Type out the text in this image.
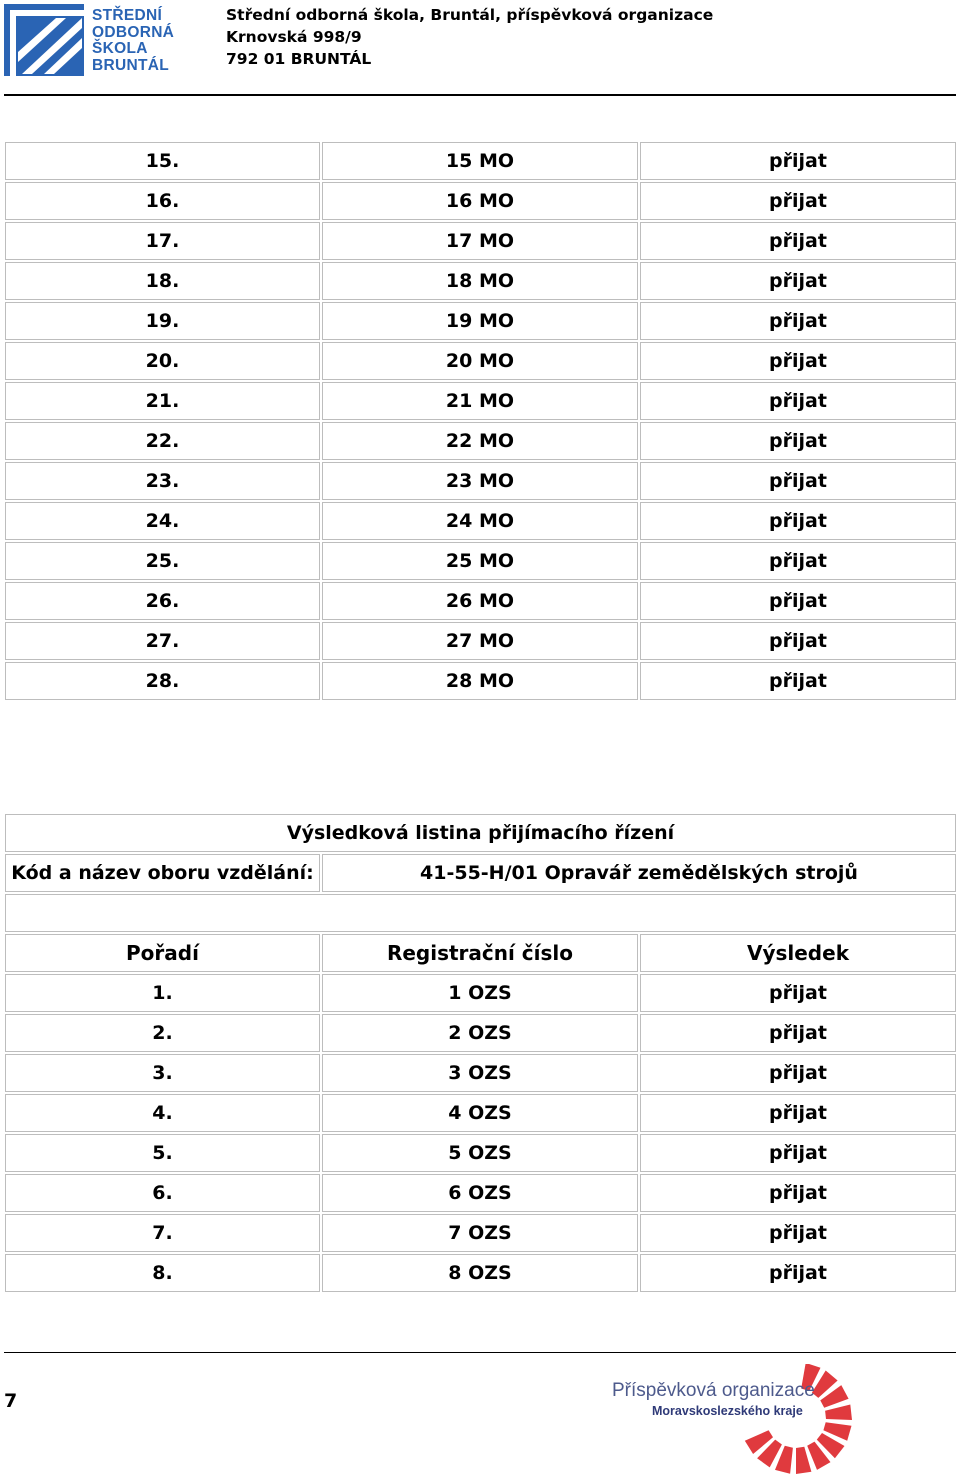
STŘEDNÍ
ODBORNÁ
ŠKOLA
BRUNTÁL
Střední odborná škola, Bruntál, příspěvková organizace
Krnovská 998/9
792 01 BRUNTÁL
15.	15 MO	přijat
16.	16 MO	přijat
17.	17 MO	přijat
18.	18 MO	přijat
19.	19 MO	přijat
20.	20 MO	přijat
21.	21 MO	přijat
22.	22 MO	přijat
23.	23 MO	přijat
24.	24 MO	přijat
25.	25 MO	přijat
26.	26 MO	přijat
27.	27 MO	přijat
28.	28 MO	přijat
Výsledková listina přijímacího řízení		
Kód a název oboru vzdělání:	41-55-H/01 Opravář zemědělských strojů	

Pořadí	Registrační číslo	Výsledek
1.	1 OZS	přijat
2.	2 OZS	přijat
3.	3 OZS	přijat
4.	4 OZS	přijat
5.	5 OZS	přijat
6.	6 OZS	přijat
7.	7 OZS	přijat
8.	8 OZS	přijat
7	Příspěvková organizace
Moravskoslezského kraje
